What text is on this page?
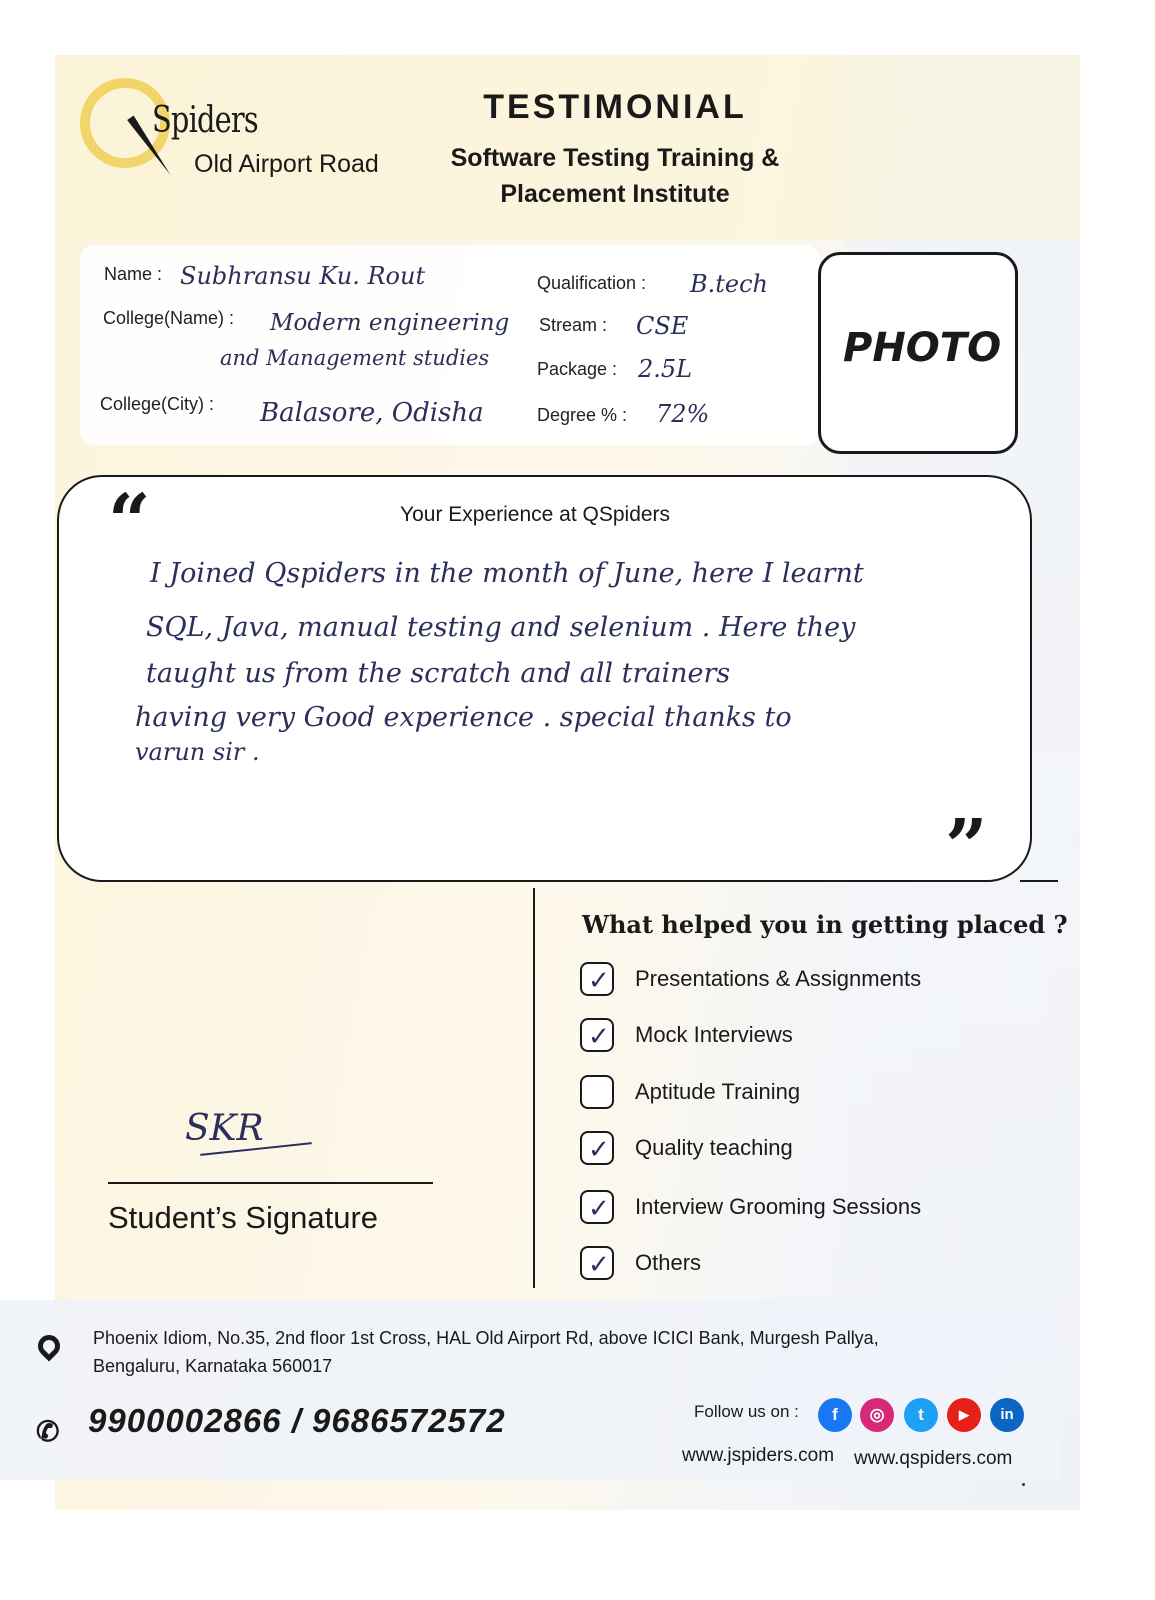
Spiders
Old Airport Road
TESTIMONIAL
Software Testing Training &
Placement Institute
Name : Subhransu Ku. Rout
College(Name) : Modern engineering
and Management studies
College(City) : Balasore, Odisha
Qualification : B.tech
Stream : CSE
Package : 2.5L
Degree % : 72%
PHOTO
“	Your Experience at QSpiders
I Joined Qspiders in the month of June, here I learnt
SQL, Java, manual testing and selenium . Here they
taught us from the scratch and all trainers
having very Good experience . special thanks to
varun sir .
”
What helped you in getting placed ?
✓ Presentations & Assignments
✓ Mock Interviews
Aptitude Training
✓ Quality teaching
✓ Interview Grooming Sessions
✓ Others
SKR
Student’s Signature
Phoenix Idiom, No.35, 2nd floor 1st Cross, HAL Old Airport Rd, above ICICI Bank, Murgesh Pallya,
Bengaluru, Karnataka 560017
✆ 9900002866 / 9686572572	Follow us on :	f	◎	t	▶	in
www.jspiders.com www.qspiders.com
